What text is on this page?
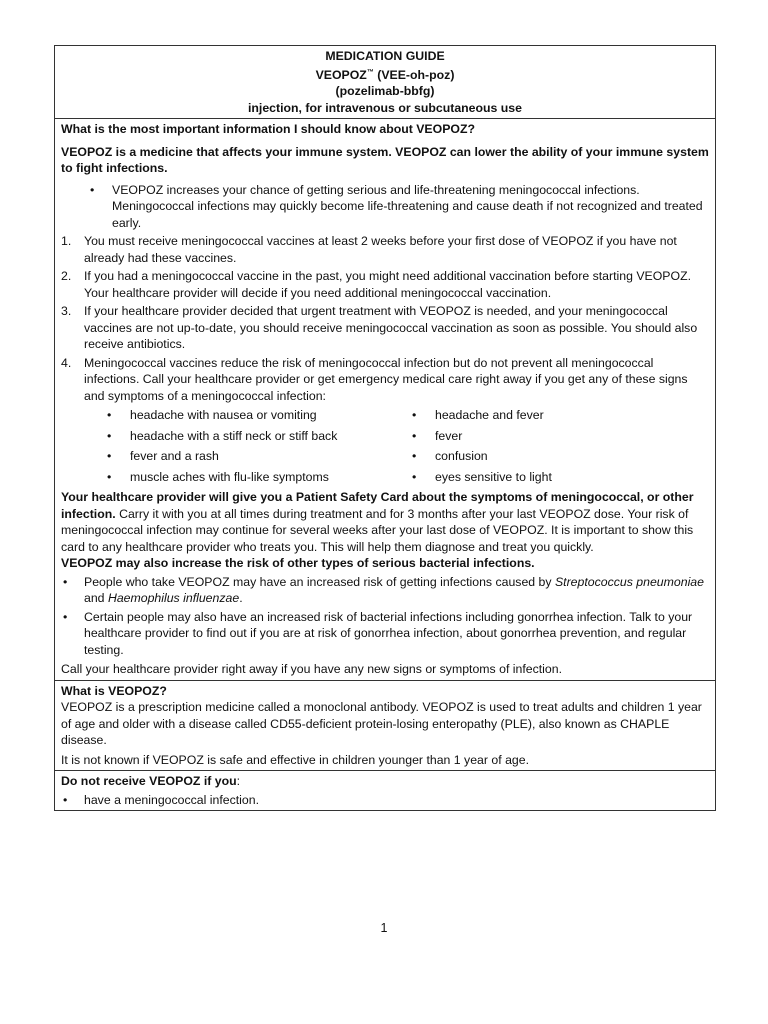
MEDICATION GUIDE
VEOPOZ™ (VEE-oh-poz)
(pozelimab-bbfg)
injection, for intravenous or subcutaneous use

What is the most important information I should know about VEOPOZ?

VEOPOZ is a medicine that affects your immune system. VEOPOZ can lower the ability of your immune system to fight infections.

• VEOPOZ increases your chance of getting serious and life-threatening meningococcal infections. Meningococcal infections may quickly become life-threatening and cause death if not recognized and treated early.
1. You must receive meningococcal vaccines at least 2 weeks before your first dose of VEOPOZ if you have not already had these vaccines.
2. If you had a meningococcal vaccine in the past, you might need additional vaccination before starting VEOPOZ. Your healthcare provider will decide if you need additional meningococcal vaccination.
3. If your healthcare provider decided that urgent treatment with VEOPOZ is needed, and your meningococcal vaccines are not up-to-date, you should receive meningococcal vaccination as soon as possible. You should also receive antibiotics.
4. Meningococcal vaccines reduce the risk of meningococcal infection but do not prevent all meningococcal infections. Call your healthcare provider or get emergency medical care right away if you get any of these signs and symptoms of a meningococcal infection:
• headache with nausea or vomiting	• headache and fever
• headache with a stiff neck or stiff back	• fever
• fever and a rash	• confusion
• muscle aches with flu-like symptoms	• eyes sensitive to light

Your healthcare provider will give you a Patient Safety Card about the symptoms of meningococcal, or other infection. Carry it with you at all times during treatment and for 3 months after your last VEOPOZ dose. Your risk of meningococcal infection may continue for several weeks after your last dose of VEOPOZ. It is important to show this card to any healthcare provider who treats you. This will help them diagnose and treat you quickly.

VEOPOZ may also increase the risk of other types of serious bacterial infections.

• People who take VEOPOZ may have an increased risk of getting infections caused by Streptococcus pneumoniae and Haemophilus influenzae.
• Certain people may also have an increased risk of bacterial infections including gonorrhea infection. Talk to your healthcare provider to find out if you are at risk of gonorrhea infection, about gonorrhea prevention, and regular testing.

Call your healthcare provider right away if you have any new signs or symptoms of infection.

What is VEOPOZ?

VEOPOZ is a prescription medicine called a monoclonal antibody. VEOPOZ is used to treat adults and children 1 year of age and older with a disease called CD55-deficient protein-losing enteropathy (PLE), also known as CHAPLE disease.

It is not known if VEOPOZ is safe and effective in children younger than 1 year of age.

Do not receive VEOPOZ if you:

• have a meningococcal infection.
1
